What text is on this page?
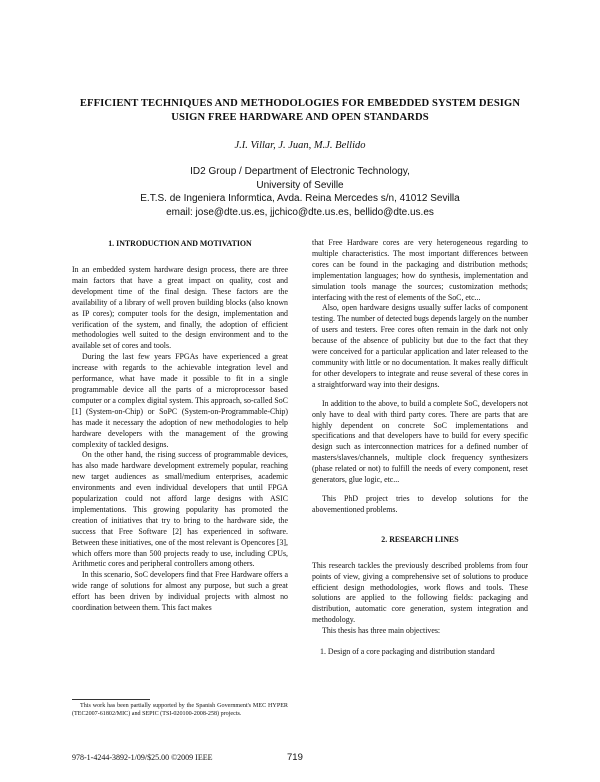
EFFICIENT TECHNIQUES AND METHODOLOGIES FOR EMBEDDED SYSTEM DESIGN
USIGN FREE HARDWARE AND OPEN STANDARDS
J.I. Villar, J. Juan, M.J. Bellido
ID2 Group / Department of Electronic Technology,
University of Seville
E.T.S. de Ingeniera Informtica, Avda. Reina Mercedes s/n, 41012 Sevilla
email: jose@dte.us.es, jjchico@dte.us.es, bellido@dte.us.es
1. INTRODUCTION AND MOTIVATION

In an embedded system hardware design process, there are three main factors that have a great impact on quality, cost and development time of the final design. These factors are the availability of a library of well proven building blocks (also known as IP cores); computer tools for the design, implementation and verification of the system, and finally, the adoption of efficient methodologies well suited to the design environment and to the available set of cores and tools.

During the last few years FPGAs have experienced a great increase with regards to the achievable integration level and performance, what have made it possible to fit in a single programmable device all the parts of a microprocessor based computer or a complex digital system. This approach, so-called SoC [1] (System-on-Chip) or SoPC (System-on-Programmable-Chip) has made it necessary the adoption of new methodologies to help hardware developers with the management of the growing complexity of tackled designs.

On the other hand, the rising success of programmable devices, has also made hardware development extremely popular, reaching new target audiences as small/medium enterprises, academic environments and even individual developers that until FPGA popularization could not afford large designs with ASIC implementations. This growing popularity has promoted the creation of initiatives that try to bring to the hardware side, the success that Free Software [2] has experienced in software. Between these initiatives, one of the most relevant is Opencores [3], which offers more than 500 projects ready to use, including CPUs, Arithmetic cores and peripheral controllers among others.

In this scenario, SoC developers find that Free Hardware offers a wide range of solutions for almost any purpose, but such a great effort has been driven by individual projects with almost no coordination between them. This fact makes

This work has been partially supported by the Spanish Government's MEC HYPER (TEC2007-61802/MIC) and SEPIC (TSI-020100-2008-258) projects.

that Free Hardware cores are very heterogeneous regarding to multiple characteristics. The most important differences between cores can be found in the packaging and distribution methods; implementation languages; how do synthesis, implementation and simulation tools manage the sources; customization methods; interfacing with the rest of elements of the SoC, etc...

Also, open hardware designs usually suffer lacks of component testing. The number of detected bugs depends largely on the number of users and testers. Free cores often remain in the dark not only because of the absence of publicity but due to the fact that they were conceived for a particular application and later released to the community with little or no documentation. It makes really difficult for other developers to integrate and reuse several of these cores in a straightforward way into their designs.

In addition to the above, to build a complete SoC, developers not only have to deal with third party cores. There are parts that are highly dependent on concrete SoC implementations and specifications and that developers have to build for every specific design such as interconnection matrices for a defined number of masters/slaves/channels, multiple clock frequency synthesizers (phase related or not) to fulfill the needs of every component, reset generators, glue logic, etc...

This PhD project tries to develop solutions for the abovementioned problems.

2. RESEARCH LINES

This research tackles the previously described problems from four points of view, giving a comprehensive set of solutions to produce efficient design methodologies, work flows and tools. These solutions are applied to the following fields: packaging and distribution, automatic core generation, system integration and methodology.

This thesis has three main objectives:

1. Design of a core packaging and distribution standard

978-1-4244-3892-1/09/$25.00 ©2009 IEEE	719
